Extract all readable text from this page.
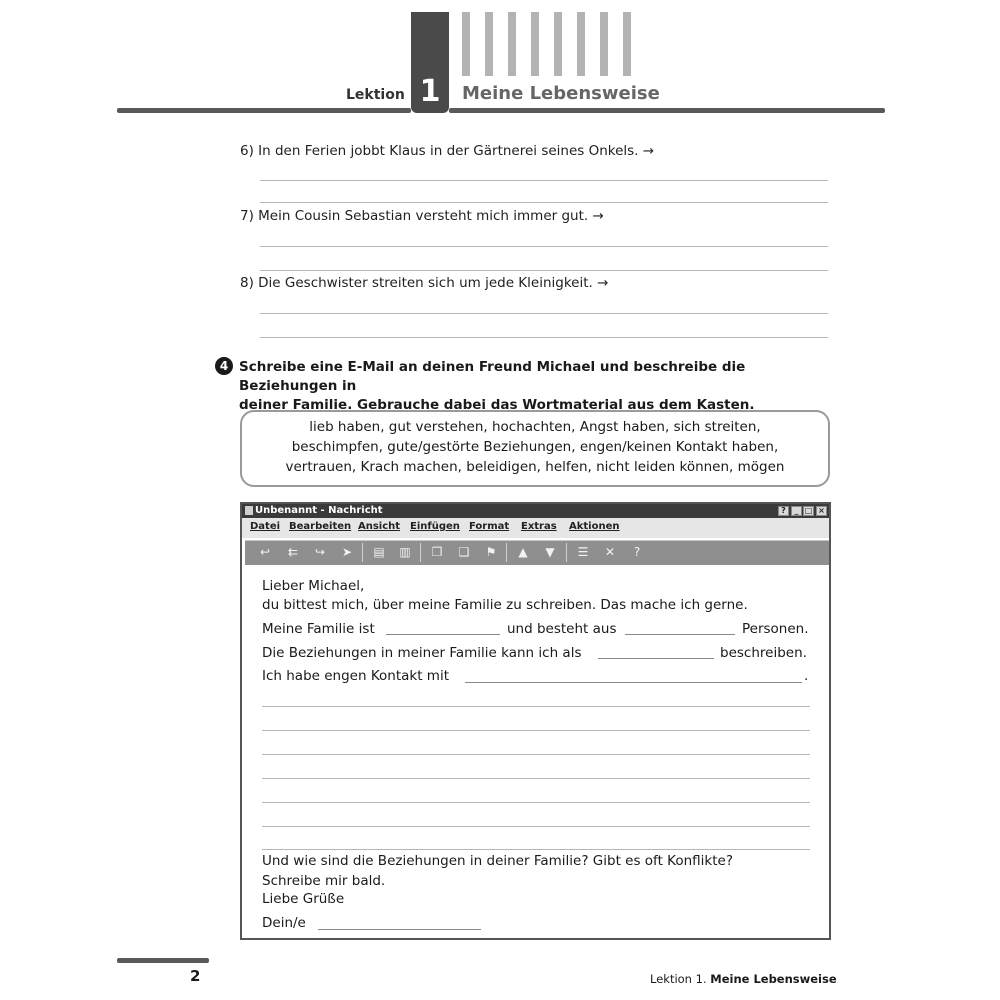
1
Lektion	Meine Lebensweise
6) In den Ferien jobbt Klaus in der Gärtnerei seines Onkels. →
7) Mein Cousin Sebastian versteht mich immer gut. →
8) Die Geschwister streiten sich um jede Kleinigkeit. →
4 Schreibe eine E-Mail an deinen Freund Michael und beschreibe die Beziehungen in
deiner Familie. Gebrauche dabei das Wortmaterial aus dem Kasten.
lieb haben, gut verstehen, hochachten, Angst haben, sich streiten,
beschimpfen, gute/gestörte Beziehungen, engen/keinen Kontakt haben,
vertrauen, Krach machen, beleidigen, helfen, nicht leiden können, mögen
Unbenannt - Nachricht	?	_ □ ×
Datei Bearbeiten Ansicht Einfügen Format Extras Aktionen
↩ ⇇ ↪ ➤ ▤ ▥ ❐ ❏ ⚑ ▲ ▼ ☰ ✕	?
Lieber Michael,
du bittest mich, über meine Familie zu schreiben. Das mache ich gerne.
Meine Familie ist	und besteht aus	Personen.
Die Beziehungen in meiner Familie kann ich als	beschreiben.
Ich habe engen Kontakt mit	.
Und wie sind die Beziehungen in deiner Familie? Gibt es oft Konflikte?
Schreibe mir bald.
Liebe Grüße
Dein/e
2	Lektion 1. Meine Lebensweise
